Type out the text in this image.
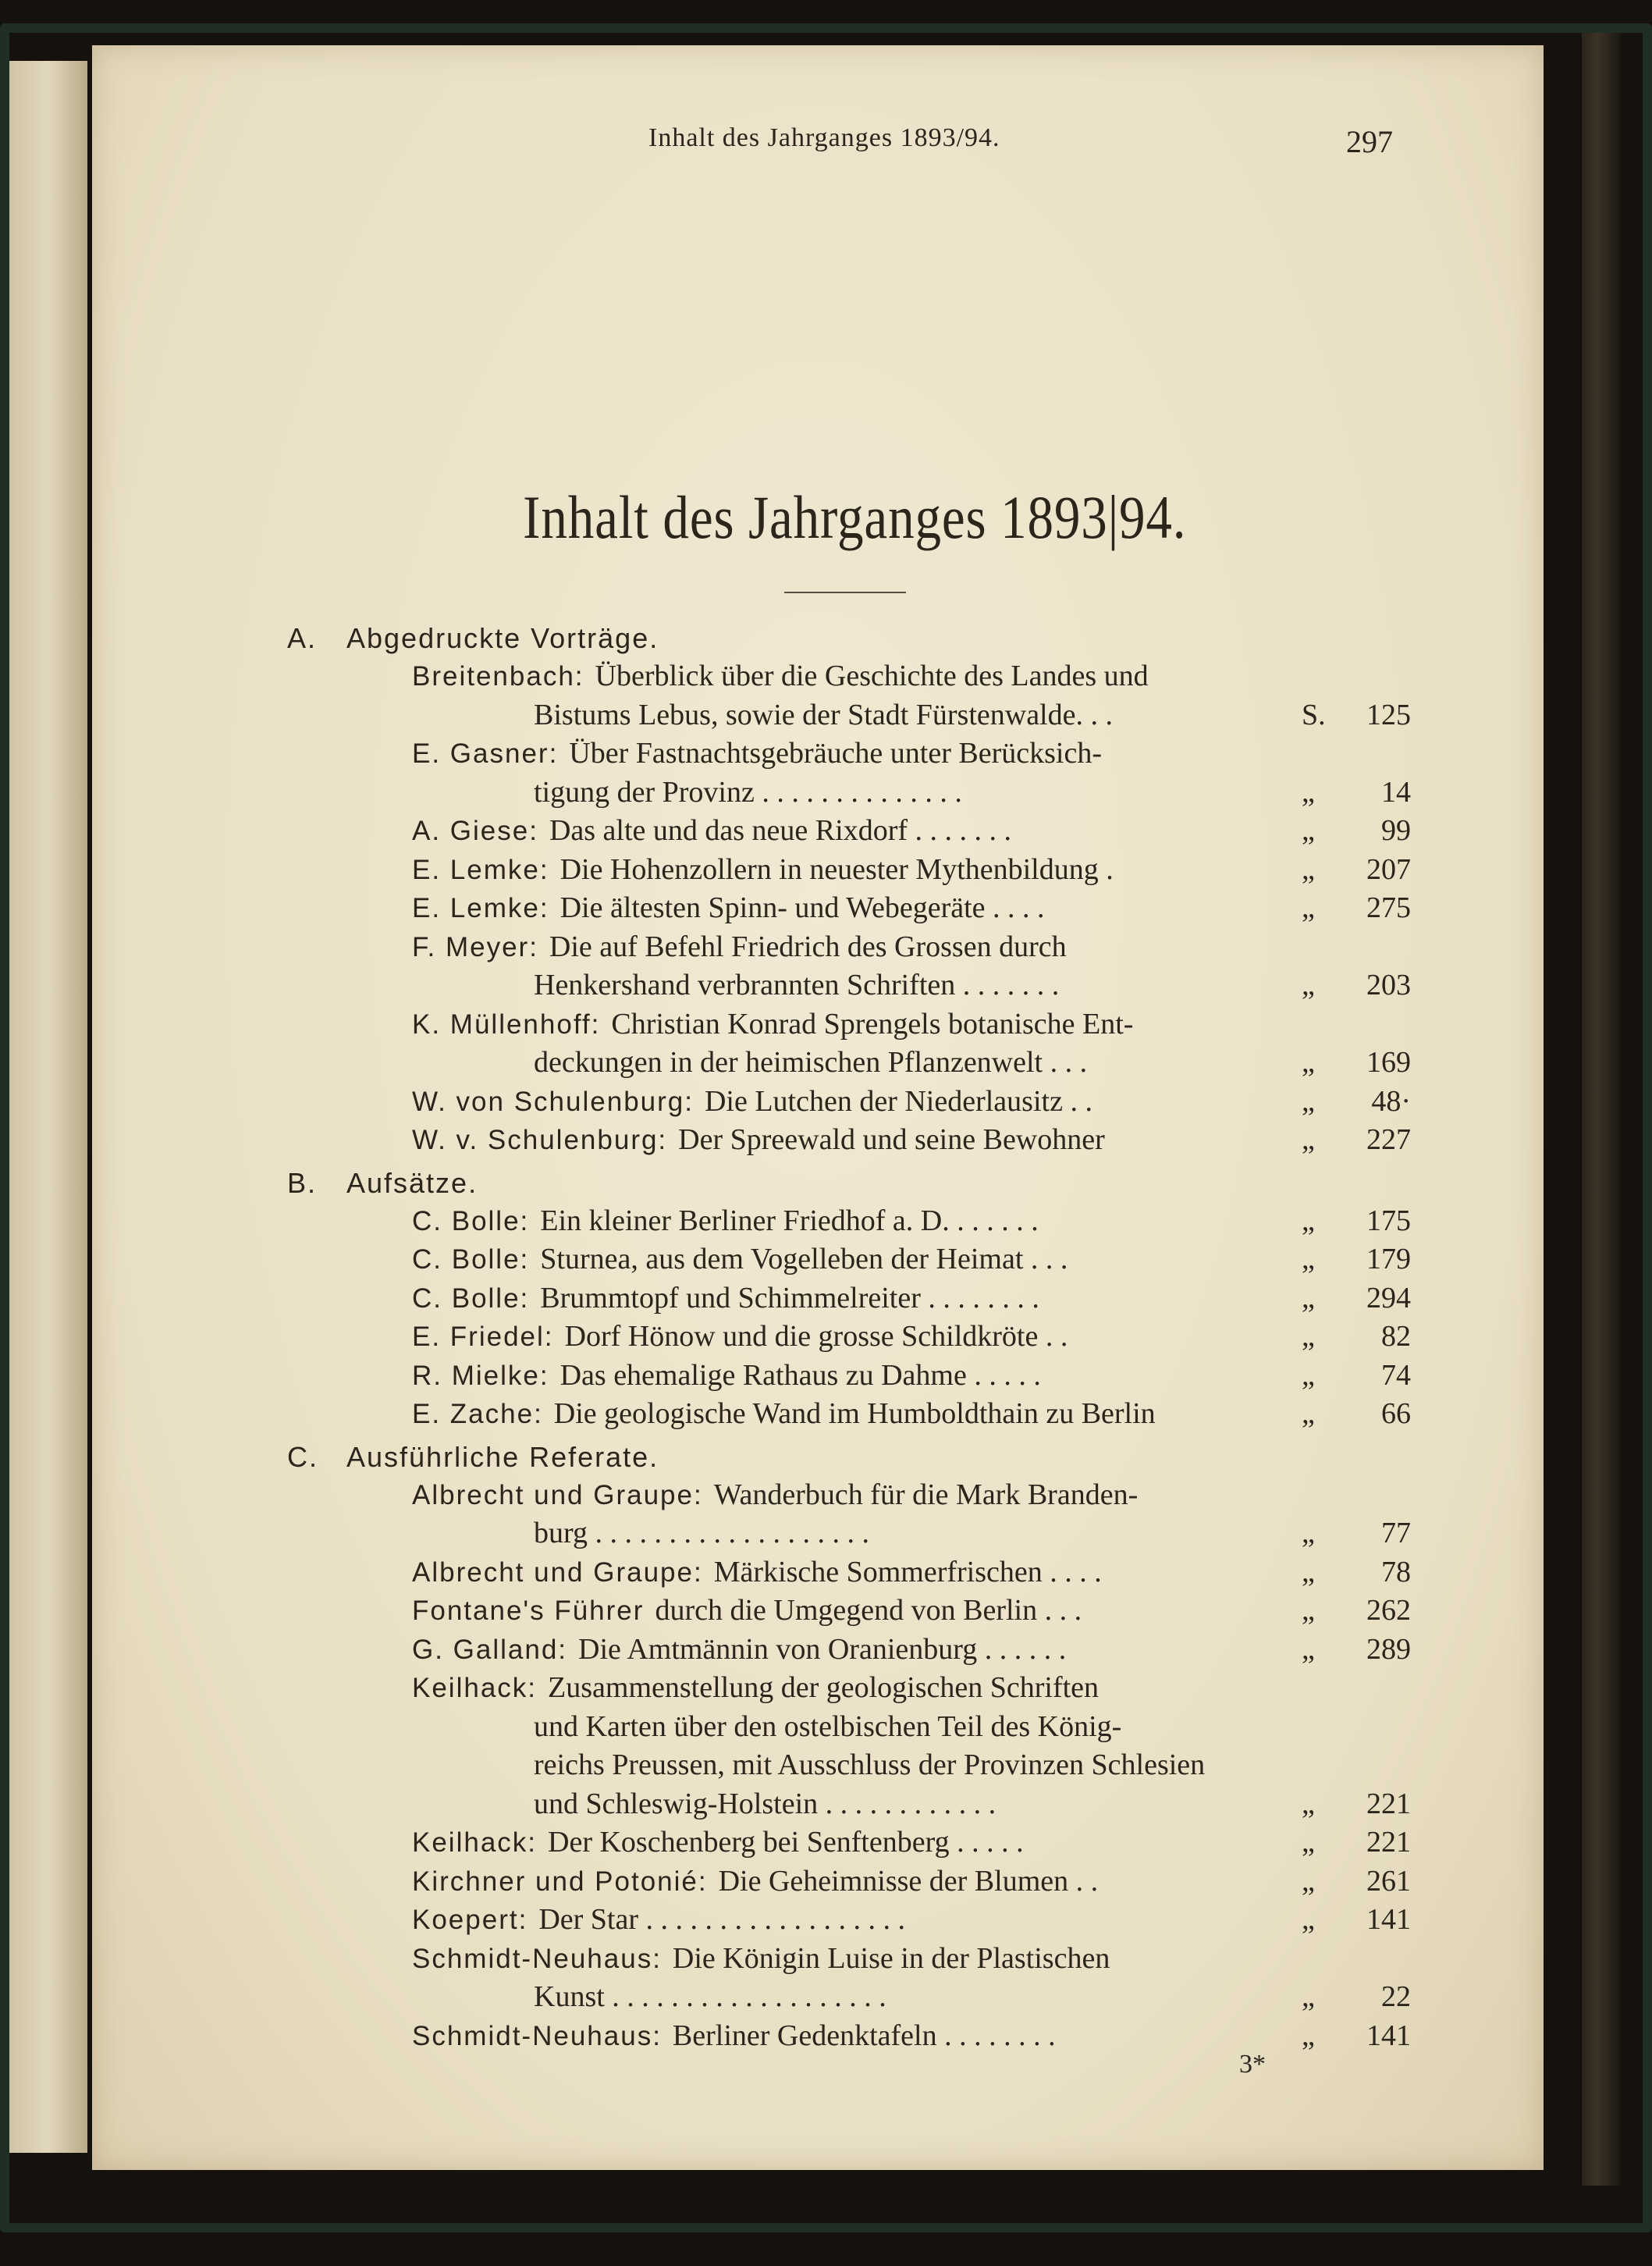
Inhalt des Jahrganges 1893/94.	297
Inhalt des Jahrganges 1893|94.
A. Abgedruckte Vorträge.
Breitenbach: Überblick über die Geschichte des Landes und
Bistums Lebus, sowie der Stadt Fürstenwalde. . .	S. 125
E. Gasner: Über Fastnachtsgebräuche unter Berücksich-
tigung der Provinz . . . . . . . . . . . . . .	„ 14
A. Giese: Das alte und das neue Rixdorf . . . . . . .	„ 99
E. Lemke: Die Hohenzollern in neuester Mythenbildung .	„ 207
E. Lemke: Die ältesten Spinn- und Webegeräte . . . .	„ 275
F. Meyer: Die auf Befehl Friedrich des Grossen durch
Henkershand verbrannten Schriften . . . . . . .	„ 203
K. Müllenhoff: Christian Konrad Sprengels botanische Ent-
deckungen in der heimischen Pflanzenwelt . . .	„ 169
W. von Schulenburg: Die Lutchen der Niederlausitz . .	„ 48·
W. v. Schulenburg: Der Spreewald und seine Bewohner	„ 227
B. Aufsätze.
C. Bolle: Ein kleiner Berliner Friedhof a. D. . . . . . .	„ 175
C. Bolle: Sturnea, aus dem Vogelleben der Heimat . . .	„ 179
C. Bolle: Brummtopf und Schimmelreiter . . . . . . . .	„ 294
E. Friedel: Dorf Hönow und die grosse Schildkröte . .	„ 82
R. Mielke: Das ehemalige Rathaus zu Dahme . . . . .	„ 74
E. Zache: Die geologische Wand im Humboldthain zu Berlin	„ 66
C. Ausführliche Referate.
Albrecht und Graupe: Wanderbuch für die Mark Branden-
burg . . . . . . . . . . . . . . . . . . .	„ 77
Albrecht und Graupe: Märkische Sommerfrischen . . . .	„ 78
Fontane's Führer durch die Umgegend von Berlin . . .	„ 262
G. Galland: Die Amtmännin von Oranienburg . . . . . .	„ 289
Keilhack: Zusammenstellung der geologischen Schriften
und Karten über den ostelbischen Teil des König-
reichs Preussen, mit Ausschluss der Provinzen Schlesien
und Schleswig-Holstein . . . . . . . . . . . .	„ 221
Keilhack: Der Koschenberg bei Senftenberg . . . . .	„ 221
Kirchner und Potonié: Die Geheimnisse der Blumen . .	„ 261
Koepert: Der Star . . . . . . . . . . . . . . . . . .	„ 141
Schmidt-Neuhaus: Die Königin Luise in der Plastischen
Kunst . . . . . . . . . . . . . . . . . . .	„ 22
Schmidt-Neuhaus: Berliner Gedenktafeln . . . . . . . .	„ 141
3*
